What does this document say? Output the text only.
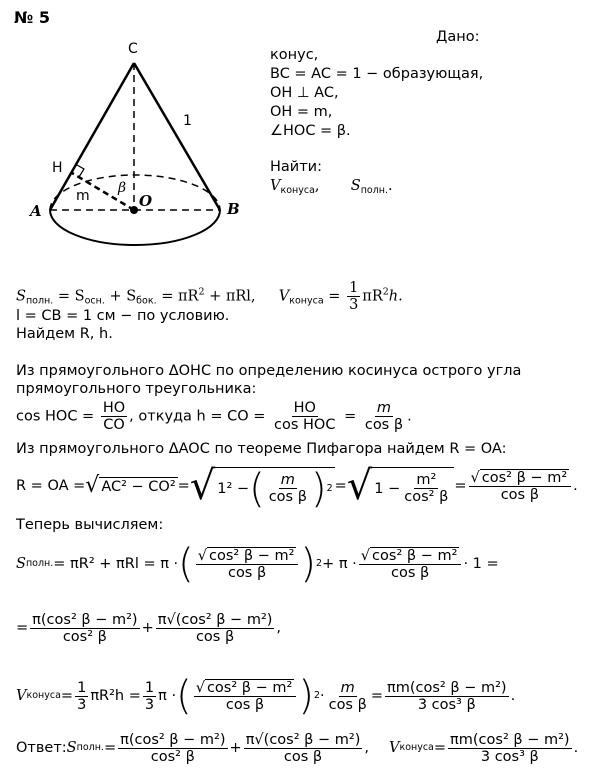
№ 5
C
H
m β
O
A	B
1
Дано:
конус,
BC = AC = 1 − образующая,
OH ⊥ AC,
OH = m,
∠HOC = β.
Найти:
$V_{конуса}$, $S_{полн.}$.
$S_{полн.} = S_{осн.} + S_{бок.} = \pi R^2 + \pi Rl$, $V_{конуса} = \frac{1}{3} \pi R^2h$.
l = CB = 1 см − по условию.
Найдем R, h.
Из прямоугольного ΔOHC по определению косинуса острого угла
прямоугольного треугольника:
cos HOC = $\frac{HO}{CO}$ , откуда h = CO = $\frac{HO}{\text{cos HOC}} = \frac{m}{\text{cos β}}$ .
Из прямоугольного ΔAOC по теореме Пифагора найдем R = OA:
R = OA = √ AC² − CO² = √ 1² − ( $\frac{m}{\text{cos β}}$ ) 2 = √ $1 - \frac{\text{m²}}{\text{cos² β}} = \frac{\text{√ cos² β − m²}}{\text{cos β}}$ .
Теперь вычисляем:
S полн. = πR² + πRl = π · ( $\frac{\text{√ cos² β − m²}}{\text{cos β}}$ ) $2 + \pi \cdot \frac{\text{√ cos² β − m²}}{\text{cos β}} \cdot 1$ =
= $\frac{\text{π(cos² β − m²)}}{\text{cos² β}} + \frac{\text{π√(cos² β − m²)}}{\text{cos β}}$ ,
V конуса = $\frac{1}{3} \pi R^2h = \frac{1}{3}$ π · ( $\frac{\text{√ cos² β − m²}}{\text{cos β}}$ ) $2 \cdot \frac{m}{\text{cos β}} = \frac{\text{πm(cos² β − m²)}}{\text{3 cos³ β}}$ .
Ответ: S полн. = $\frac{\text{π(cos² β − m²)}}{\text{cos² β}} + \frac{\text{π√(cos² β − m²)}}{\text{cos β}}$ , V конуса = $\frac{\text{πm(cos² β − m²)}}{\text{3 cos³ β}}$ .
